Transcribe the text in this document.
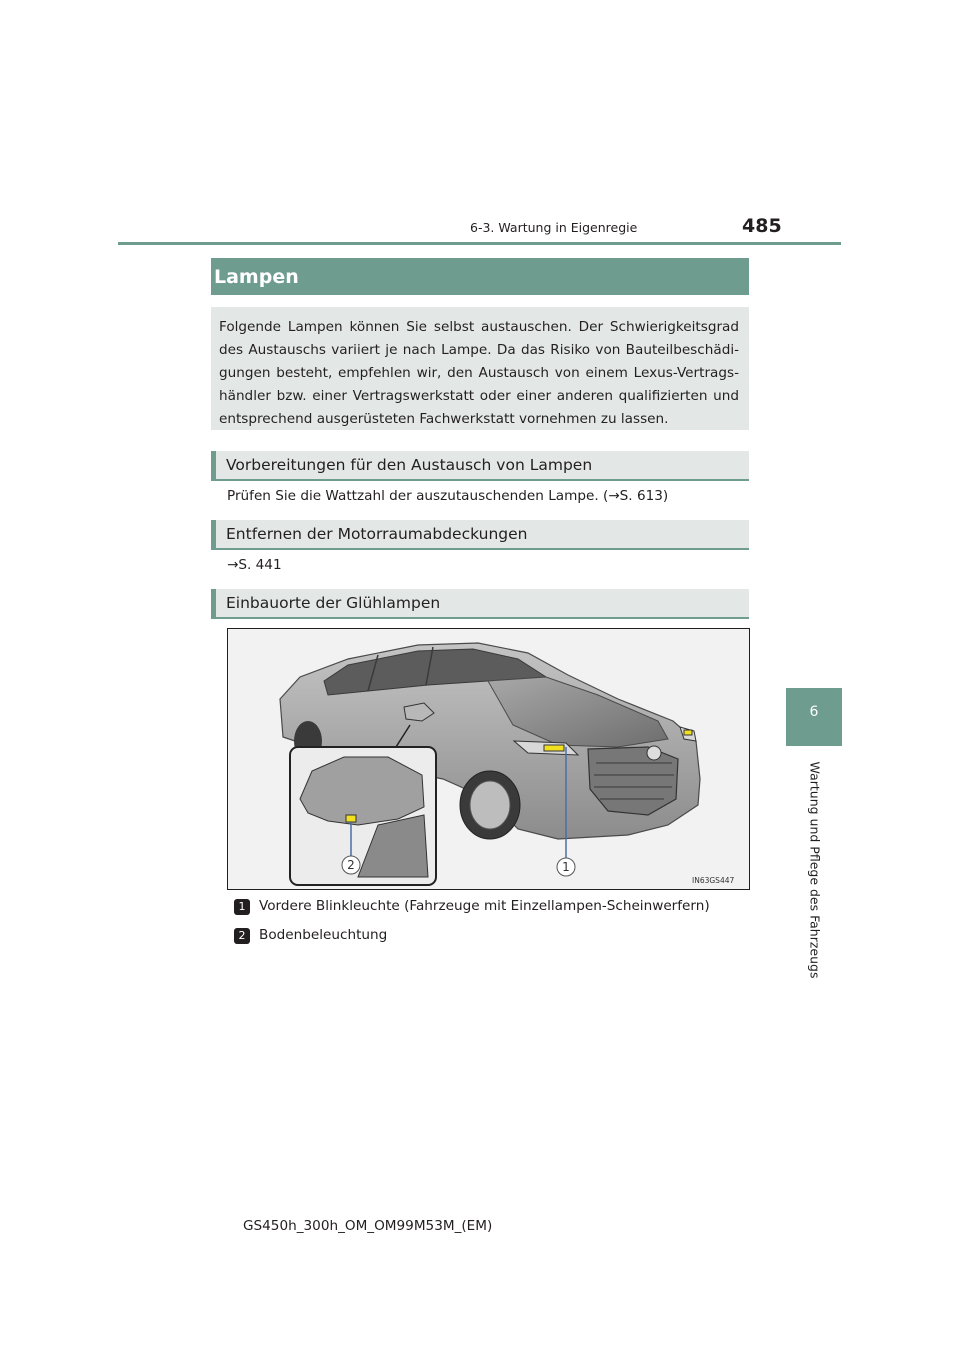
6-3. Wartung in Eigenregie	485
6
Wartung und Pflege des Fahrzeugs
Lampen
Folgende Lampen können Sie selbst austauschen. Der Schwierigkeitsgrad des Austauschs variiert je nach Lampe. Da das Risiko von Bauteilbeschädi-gungen besteht, empfehlen wir, den Austausch von einem Lexus-Vertrags-händler bzw. einer Vertragswerkstatt oder einer anderen qualifizierten und entsprechend ausgerüsteten Fachwerkstatt vornehmen zu lassen.
Vorbereitungen für den Austausch von Lampen
Prüfen Sie die Wattzahl der auszutauschenden Lampe. (→S. 613)
Entfernen der Motorraumabdeckungen
→S. 441
Einbauorte der Glühlampen
2	1
IN63GS447
1 Vordere Blinkleuchte (Fahrzeuge mit Einzellampen-Scheinwerfern)
2 Bodenbeleuchtung
GS450h_300h_OM_OM99M53M_(EM)
